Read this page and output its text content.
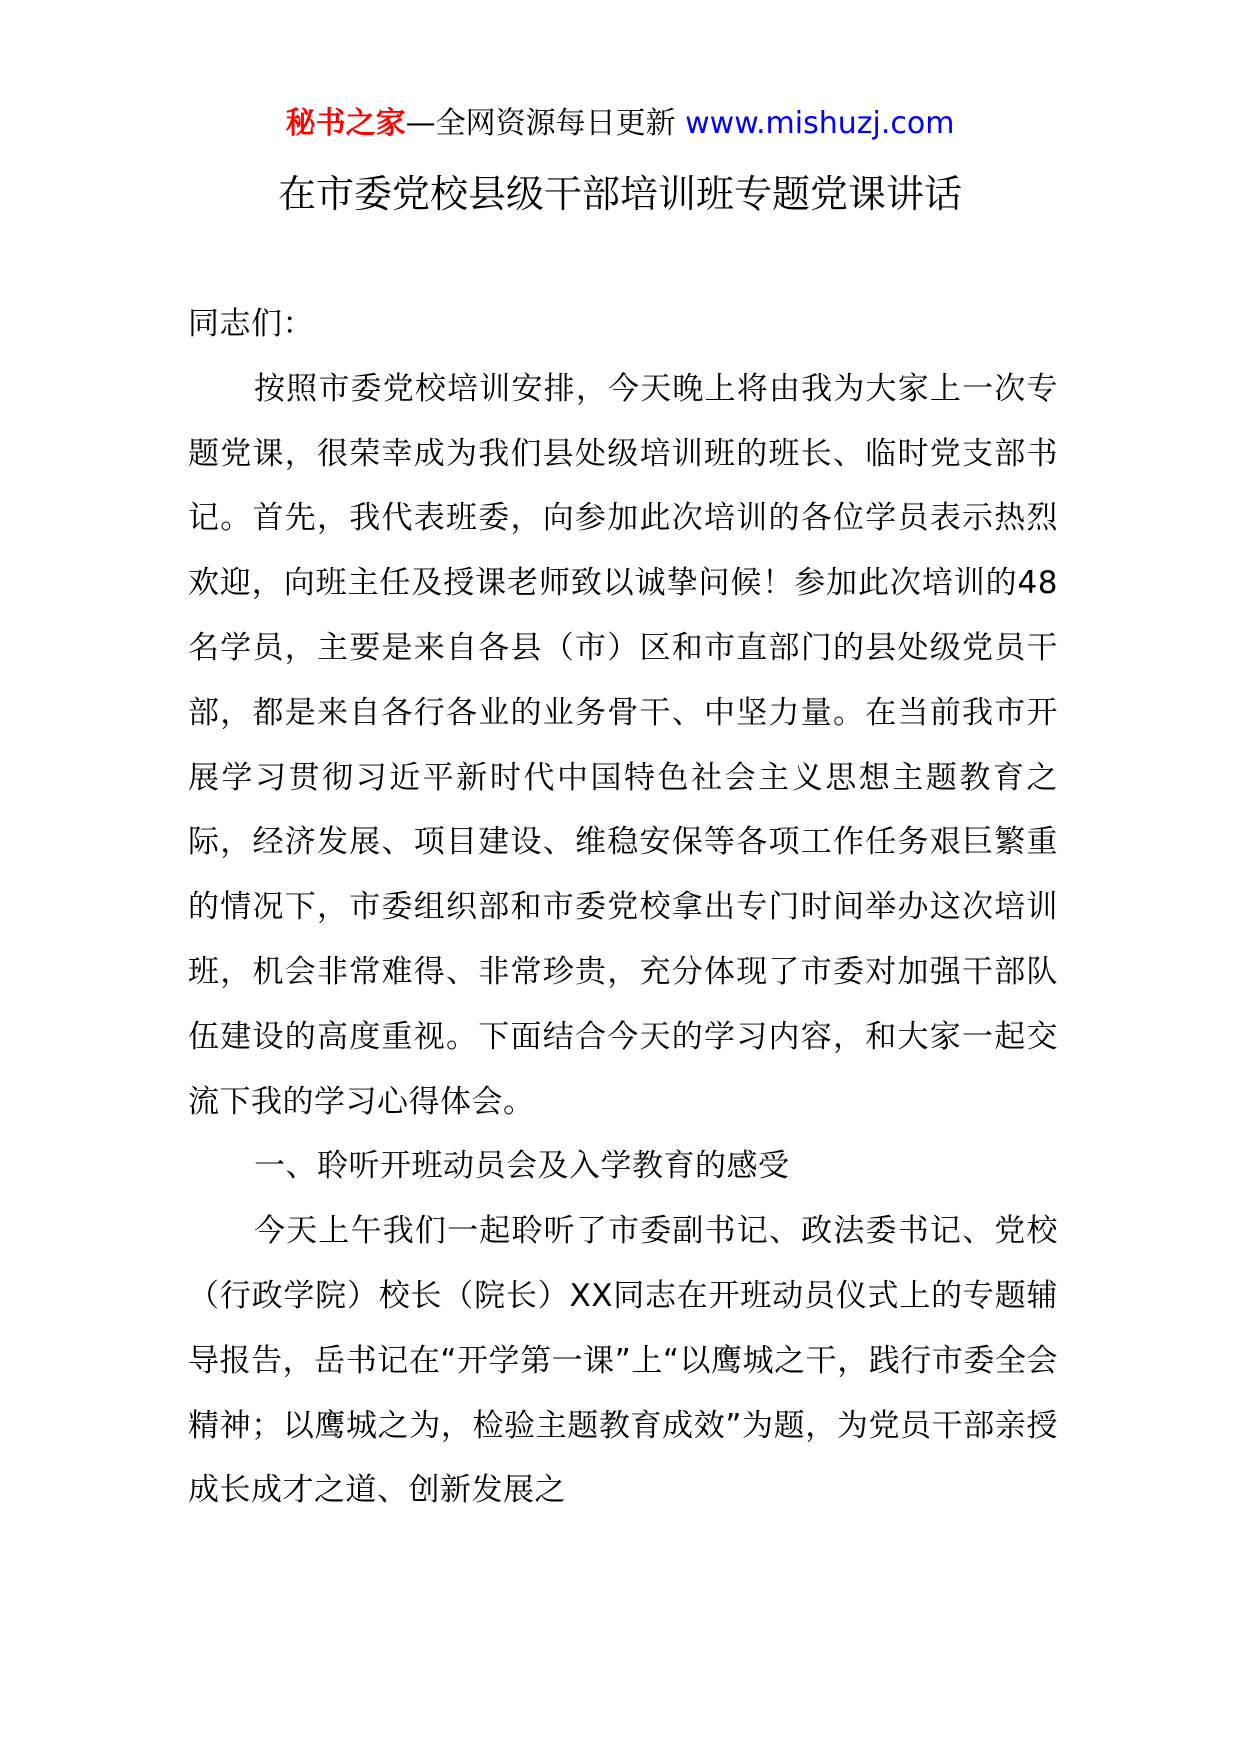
秘书之家—全网资源每日更新 www.mishuzj.com
在市委党校县级干部培训班专题党课讲话

同志们：

按照市委党校培训安排，今天晚上将由我为大家上一次专题党课，很荣幸成为我们县处级培训班的班长、临时党支部书记。首先，我代表班委，向参加此次培训的各位学员表示热烈欢迎，向班主任及授课老师致以诚挚问候！参加此次培训的48名学员，主要是来自各县（市）区和市直部门的县处级党员干部，都是来自各行各业的业务骨干、中坚力量。在当前我市开展学习贯彻习近平新时代中国特色社会主义思想主题教育之际，经济发展、项目建设、维稳安保等各项工作任务艰巨繁重的情况下，市委组织部和市委党校拿出专门时间举办这次培训班，机会非常难得、非常珍贵，充分体现了市委对加强干部队伍建设的高度重视。下面结合今天的学习内容，和大家一起交流下我的学习心得体会。

一、聆听开班动员会及入学教育的感受

今天上午我们一起聆听了市委副书记、政法委书记、党校（行政学院）校长（院长）XX同志在开班动员仪式上的专题辅导报告，岳书记在“开学第一课”上“以鹰城之干，践行市委全会精神；以鹰城之为，检验主题教育成效”为题，为党员干部亲授成长成才之道、创新发展之
